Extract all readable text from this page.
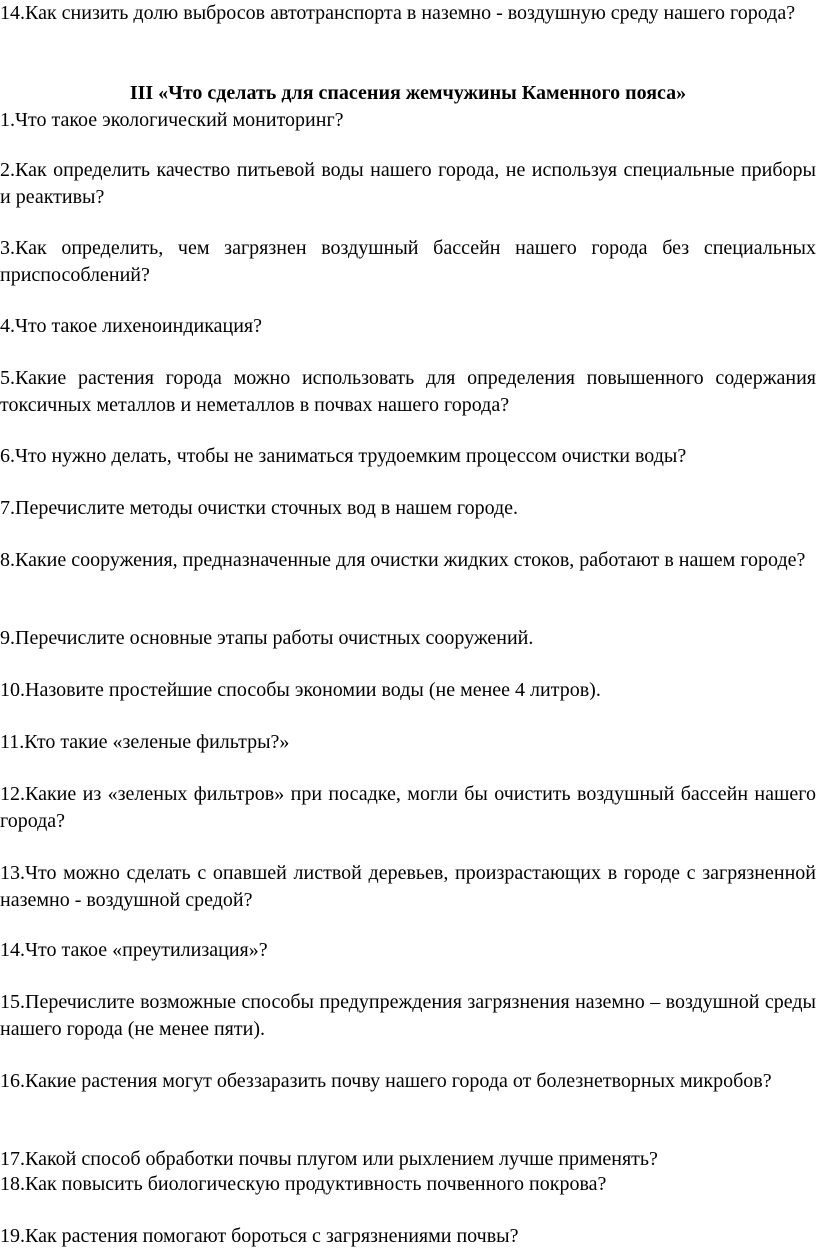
14.Как снизить долю выбросов автотранспорта в наземно - воздушную среду нашего города?

III «Что сделать для спасения жемчужины Каменного пояса»

1.Что такое экологический мониторинг?

2.Как определить качество питьевой воды нашего города, не используя специальные приборы и реактивы?

3.Как определить, чем загрязнен воздушный бассейн нашего города без специальных приспособлений?

4.Что такое лихеноиндикация?

5.Какие растения города можно использовать для определения повышенного содержания токсичных металлов и неметаллов в почвах нашего города?

6.Что нужно делать, чтобы не заниматься трудоемким процессом очистки воды?

7.Перечислите методы очистки сточных вод в нашем городе.

8.Какие сооружения, предназначенные для очистки жидких стоков, работают в нашем городе?

9.Перечислите основные этапы работы очистных сооружений.

10.Назовите простейшие способы экономии воды (не менее 4 литров).

11.Кто такие «зеленые фильтры?»

12.Какие из «зеленых фильтров» при посадке, могли бы очистить воздушный бассейн нашего города?

13.Что можно сделать с опавшей листвой деревьев, произрастающих в городе с загрязненной наземно - воздушной средой?

14.Что такое «преутилизация»?

15.Перечислите возможные способы предупреждения загрязнения наземно – воздушной среды нашего города (не менее пяти).

16.Какие растения могут обеззаразить почву нашего города от болезнетворных микробов?

17.Какой способ обработки почвы плугом или рыхлением лучше применять?

18.Как повысить биологическую продуктивность почвенного покрова?

19.Как растения помогают бороться с загрязнениями почвы?
